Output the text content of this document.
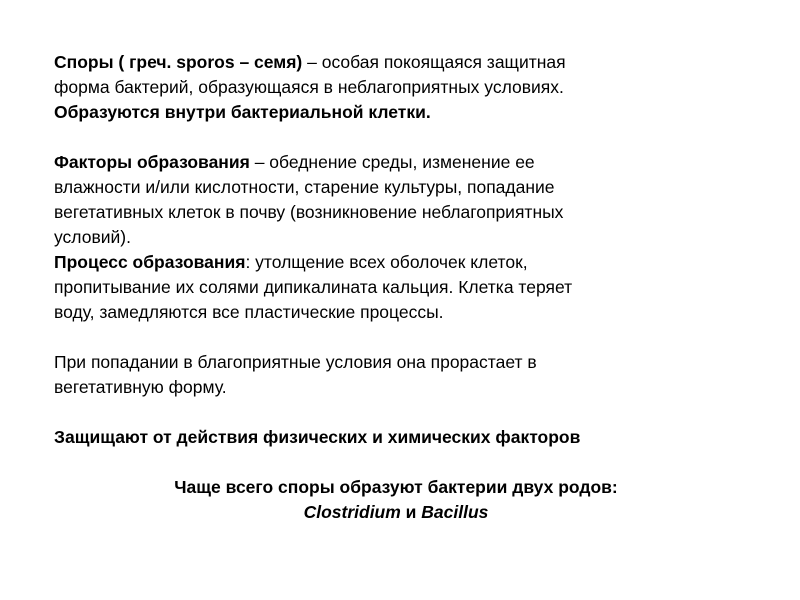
Споры ( греч. sporos – семя) – особая покоящаяся защитная
форма бактерий, образующаяся в неблагоприятных условиях.
Образуются внутри бактериальной клетки.
Факторы образования – обеднение среды, изменение ее
влажности и/или кислотности, старение культуры, попадание
вегетативных клеток в почву (возникновение неблагоприятных
условий).
Процесс образования: утолщение всех оболочек клеток,
пропитывание их солями дипикалината кальция. Клетка теряет
воду, замедляются все пластические процессы.
При попадании в благоприятные условия она прорастает в
вегетативную форму.
Защищают от действия физических и химических факторов
Чаще всего споры образуют бактерии двух родов:
Clostridium и Bacillus
